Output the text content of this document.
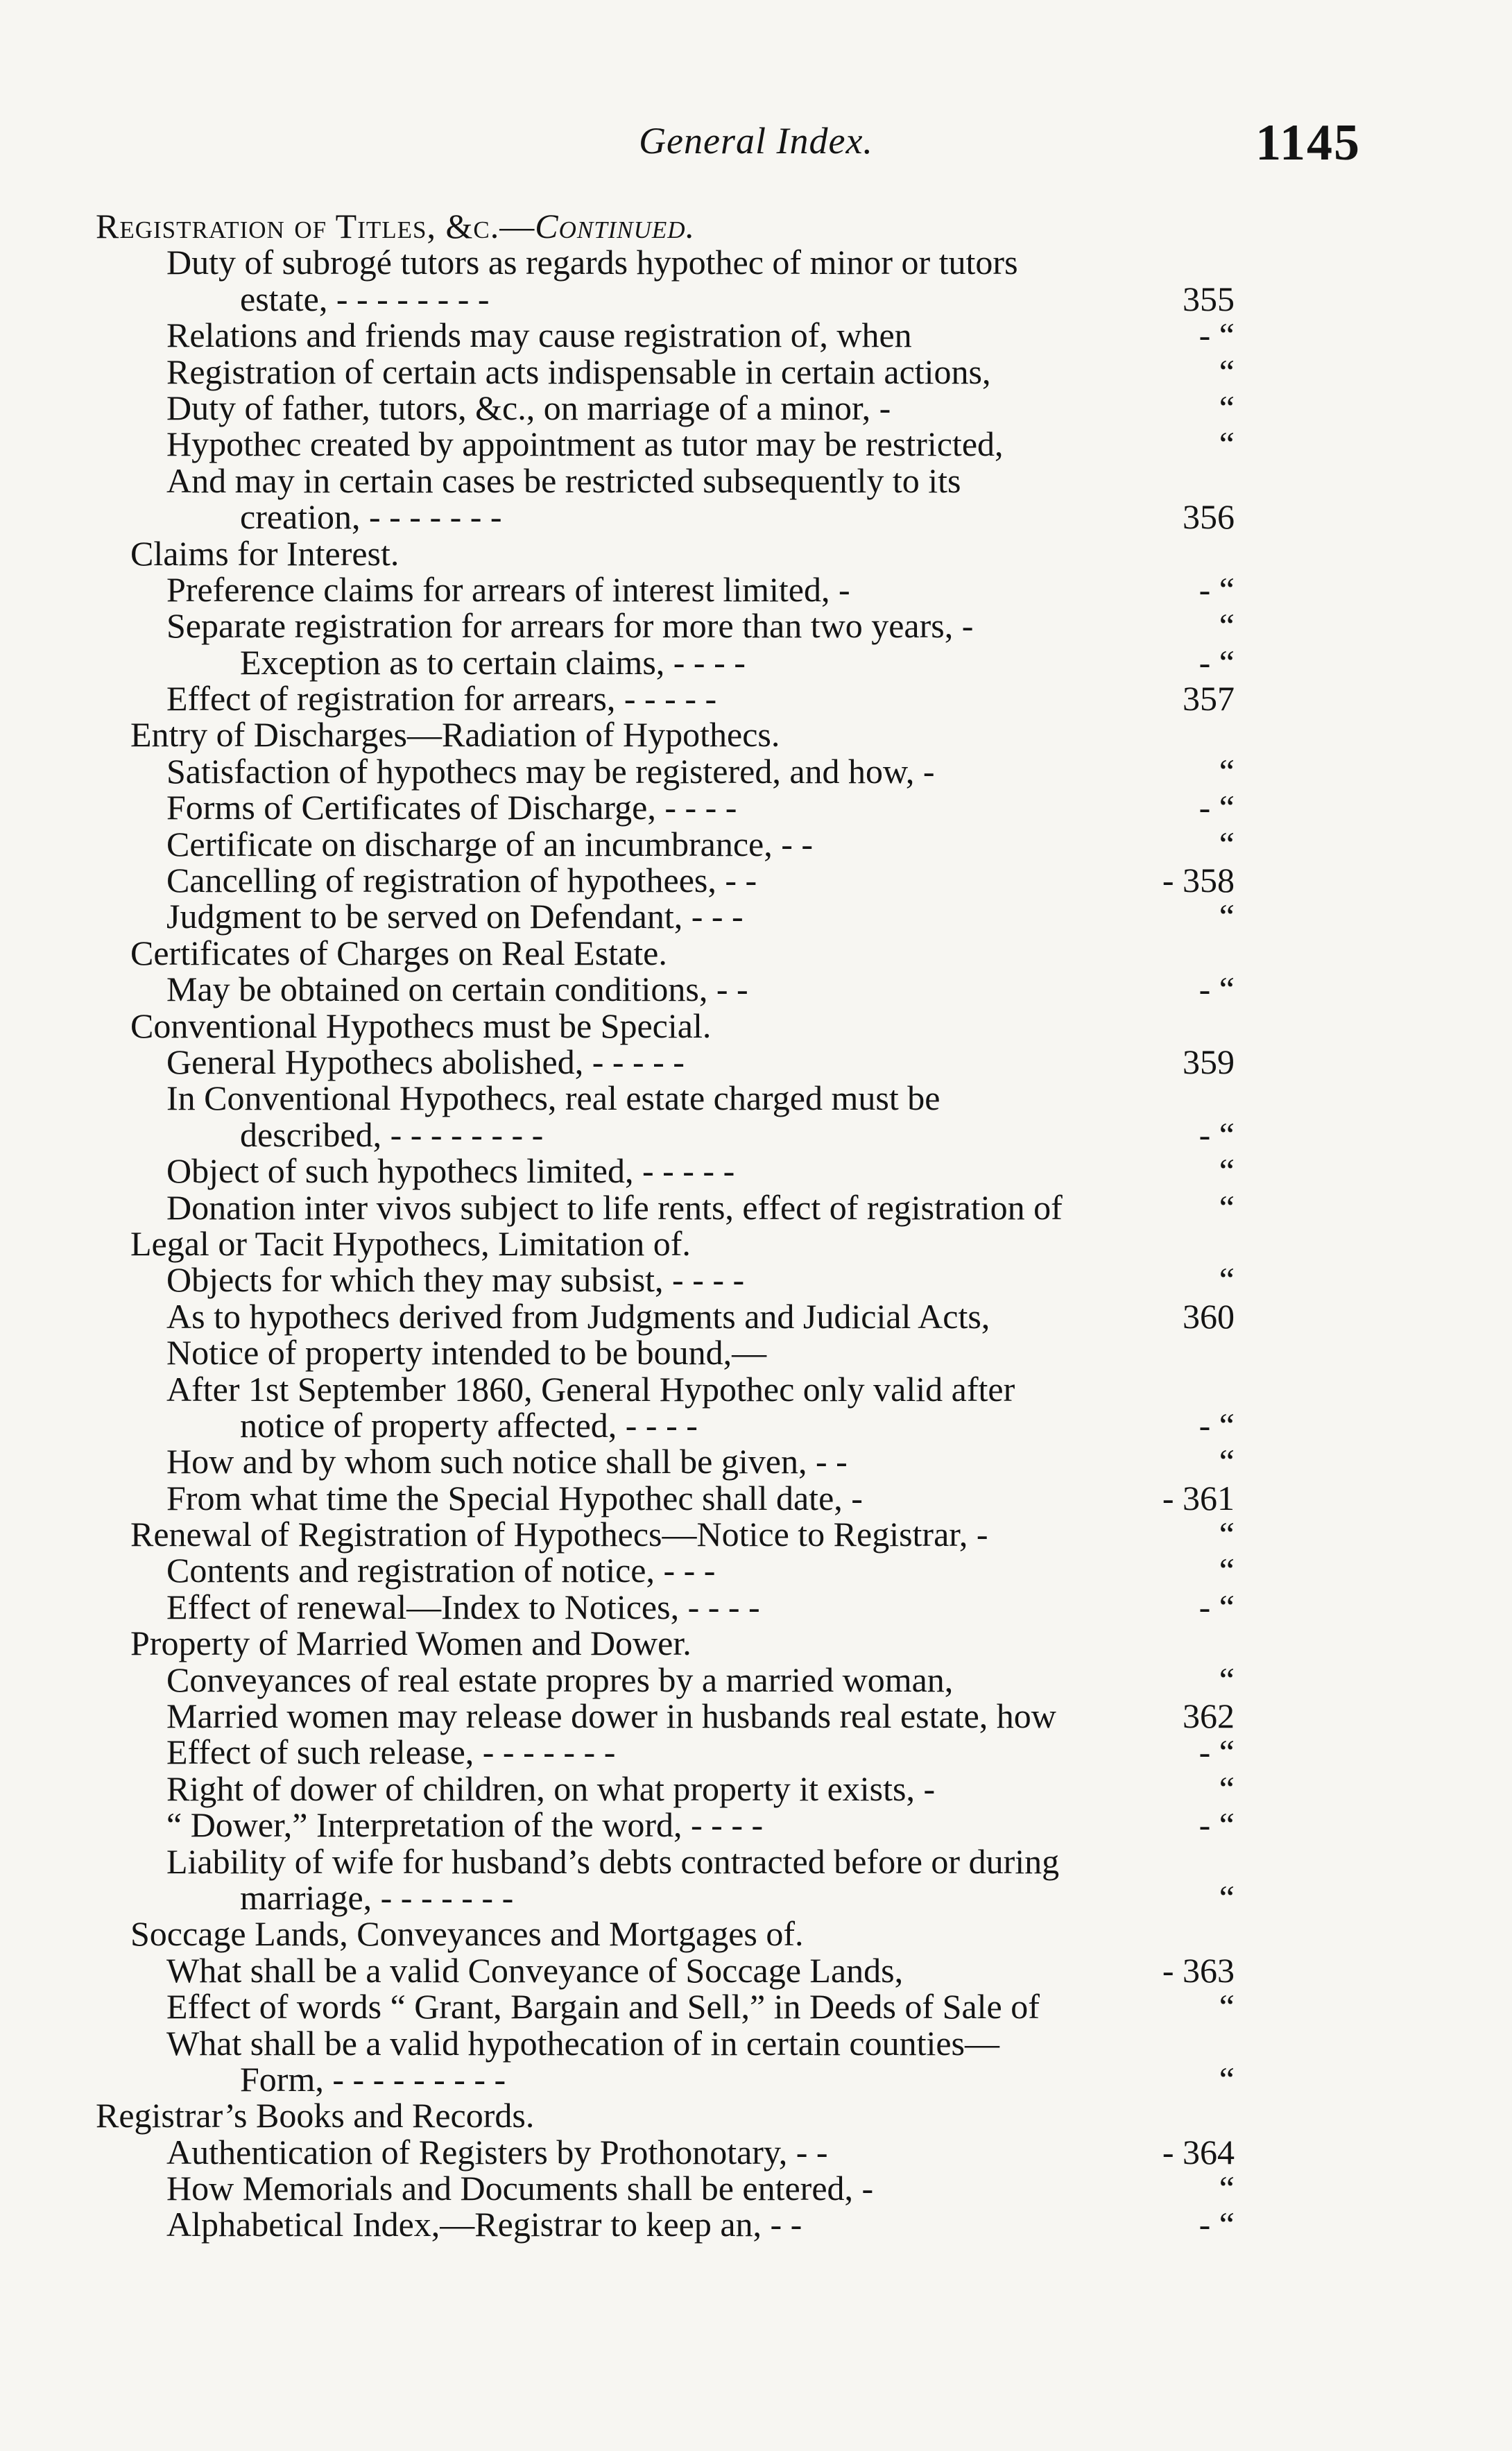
General Index.	1145
Registration of Titles, &c.—Continued.
Duty of subrogé tutors as regards hypothec of minor or tutors
estate, - - - - - - - -	355
Relations and friends may cause registration of, when	- “
Registration of certain acts indispensable in certain actions,	“
Duty of father, tutors, &c., on marriage of a minor, -	“
Hypothec created by appointment as tutor may be restricted,	“
And may in certain cases be restricted subsequently to its
creation, - - - - - - -	356
Claims for Interest.
Preference claims for arrears of interest limited, -	- “
Separate registration for arrears for more than two years, -	“
Exception as to certain claims, - - - -	- “
Effect of registration for arrears, - - - - -	357
Entry of Discharges—Radiation of Hypothecs.
Satisfaction of hypothecs may be registered, and how, -	“
Forms of Certificates of Discharge, - - - -	- “
Certificate on discharge of an incumbrance, - -	“
Cancelling of registration of hypothees, - -	- 358
Judgment to be served on Defendant, - - -	“
Certificates of Charges on Real Estate.
May be obtained on certain conditions, - -	- “
Conventional Hypothecs must be Special.
General Hypothecs abolished, - - - - -	359
In Conventional Hypothecs, real estate charged must be
described, - - - - - - - -	- “
Object of such hypothecs limited, - - - - -	“
Donation inter vivos subject to life rents, effect of registration of	“
Legal or Tacit Hypothecs, Limitation of.
Objects for which they may subsist, - - - -	“
As to hypothecs derived from Judgments and Judicial Acts,	360
Notice of property intended to be bound,—
After 1st September 1860, General Hypothec only valid after
notice of property affected, - - - -	- “
How and by whom such notice shall be given, - -	“
From what time the Special Hypothec shall date, -	- 361
Renewal of Registration of Hypothecs—Notice to Registrar, -	“
Contents and registration of notice, - - -	“
Effect of renewal—Index to Notices, - - - -	- “
Property of Married Women and Dower.
Conveyances of real estate propres by a married woman,	“
Married women may release dower in husbands real estate, how	362
Effect of such release, - - - - - - -	- “
Right of dower of children, on what property it exists, -	“
“ Dower,” Interpretation of the word, - - - -	- “
Liability of wife for husband’s debts contracted before or during
marriage, - - - - - - -	“
Soccage Lands, Conveyances and Mortgages of.
What shall be a valid Conveyance of Soccage Lands,	- 363
Effect of words “ Grant, Bargain and Sell,” in Deeds of Sale of	“
What shall be a valid hypothecation of in certain counties—
Form, - - - - - - - - -	“
Registrar’s Books and Records.
Authentication of Registers by Prothonotary, - -	- 364
How Memorials and Documents shall be entered, -	“
Alphabetical Index,—Registrar to keep an, - -	- “
